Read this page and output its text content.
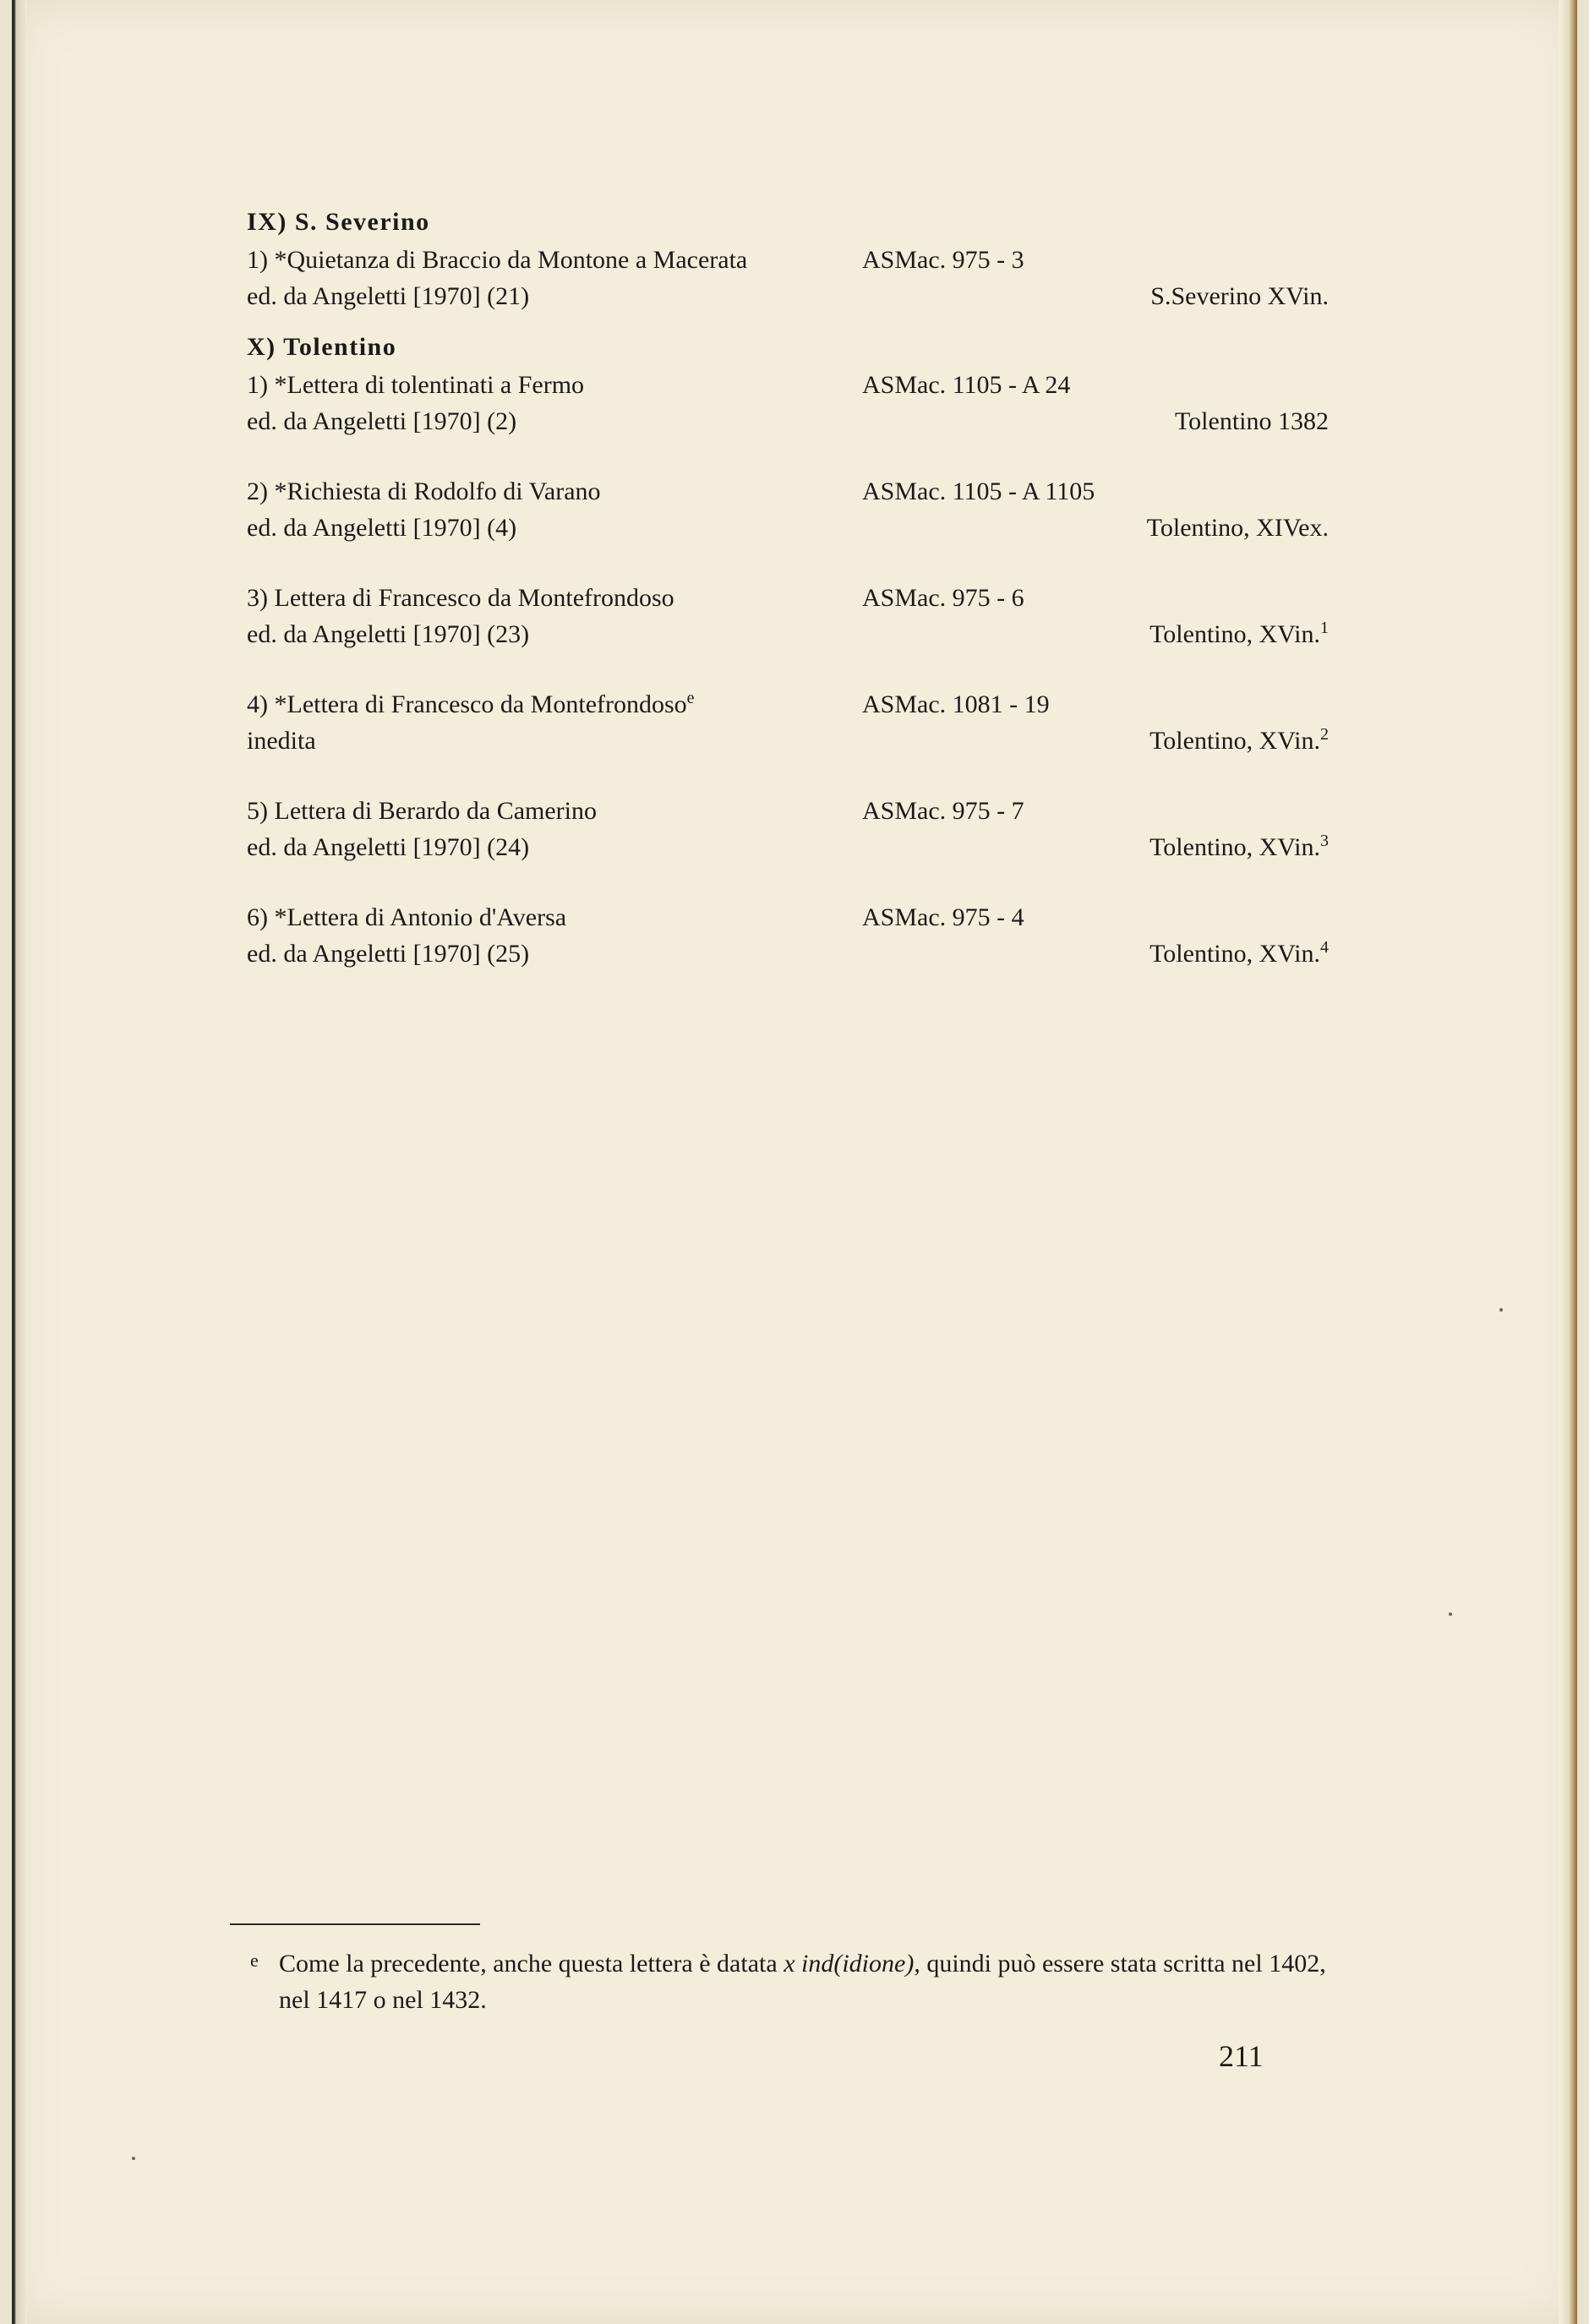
IX) S. Severino
1) *Quietanza di Braccio da Montone a Macerata	ASMac. 975 - 3
ed. da Angeletti [1970] (21)	S.Severino XVin.
X) Tolentino
1) *Lettera di tolentinati a Fermo	ASMac. 1105 - A 24
ed. da Angeletti [1970] (2)	Tolentino 1382
2) *Richiesta di Rodolfo di Varano	ASMac. 1105 - A 1105
ed. da Angeletti [1970] (4)	Tolentino, XIVex.
3) Lettera di Francesco da Montefrondoso	ASMac. 975 - 6
ed. da Angeletti [1970] (23)	Tolentino, XVin.$^1$
4) *Lettera di Francesco da Montefrondoso$^e$	ASMac. 1081 - 19
inedita	Tolentino, XVin.$^2$
5) Lettera di Berardo da Camerino	ASMac. 975 - 7
ed. da Angeletti [1970] (24)	Tolentino, XVin.$^3$
6) *Lettera di Antonio d'Aversa	ASMac. 975 - 4
ed. da Angeletti [1970] (25)	Tolentino, XVin.$^4$
e Come la precedente, anche questa lettera è datata x ind(idione), quindi può essere stata scritta nel 1402, nel 1417 o nel 1432.
211
